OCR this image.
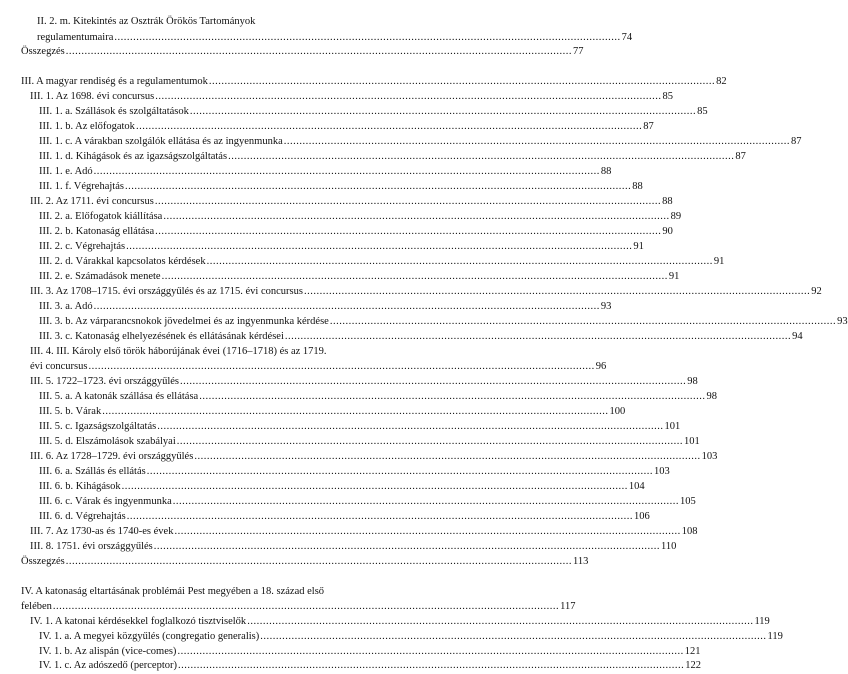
II. 2. m. Kitekintés az Osztrák Örökös Tartományok
regulamentumaira .................................................................................................................................................................. 74
Összegzés .................................................................................................................................................................. 77
III. A magyar rendiség és a regulamentumok .................................................................................................................................................................. 82
III. 1. Az 1698. évi concursus .................................................................................................................................................................. 85
III. 1. a. Szállások és szolgáltatások .................................................................................................................................................................. 85
III. 1. b. Az előfogatok .................................................................................................................................................................. 87
III. 1. c. A várakban szolgálók ellátása és az ingyenmunka .................................................................................................................................................................. 87
III. 1. d. Kihágások és az igazságszolgáltatás .................................................................................................................................................................. 87
III. 1. e. Adó .................................................................................................................................................................. 88
III. 1. f. Végrehajtás .................................................................................................................................................................. 88
III. 2. Az 1711. évi concursus .................................................................................................................................................................. 88
III. 2. a. Előfogatok kiállítása .................................................................................................................................................................. 89
III. 2. b. Katonaság ellátása .................................................................................................................................................................. 90
III. 2. c. Végrehajtás .................................................................................................................................................................. 91
III. 2. d. Várakkal kapcsolatos kérdések .................................................................................................................................................................. 91
III. 2. e. Számadások menete .................................................................................................................................................................. 91
III. 3. Az 1708–1715. évi országgyűlés és az 1715. évi concursus .................................................................................................................................................................. 92
III. 3. a. Adó .................................................................................................................................................................. 93
III. 3. b. Az várparancsnokok jövedelmei és az ingyenmunka kérdése .................................................................................................................................................................. 93
III. 3. c. Katonaság elhelyezésének és ellátásának kérdései .................................................................................................................................................................. 94
III. 4. III. Károly első török háborújának évei (1716–1718) és az 1719.
évi concursus .................................................................................................................................................................. 96
III. 5. 1722–1723. évi országgyűlés .................................................................................................................................................................. 98
III. 5. a. A katonák szállása és ellátása .................................................................................................................................................................. 98
III. 5. b. Várak .................................................................................................................................................................. 100
III. 5. c. Igazságszolgáltatás .................................................................................................................................................................. 101
III. 5. d. Elszámolások szabályai .................................................................................................................................................................. 101
III. 6. Az 1728–1729. évi országgyűlés .................................................................................................................................................................. 103
III. 6. a. Szállás és ellátás .................................................................................................................................................................. 103
III. 6. b. Kihágások .................................................................................................................................................................. 104
III. 6. c. Várak és ingyenmunka .................................................................................................................................................................. 105
III. 6. d. Végrehajtás .................................................................................................................................................................. 106
III. 7. Az 1730-as és 1740-es évek .................................................................................................................................................................. 108
III. 8. 1751. évi országgyűlés .................................................................................................................................................................. 110
Összegzés .................................................................................................................................................................. 113
IV. A katonaság eltartásának problémái Pest megyében a 18. század első
felében .................................................................................................................................................................. 117
IV. 1. A katonai kérdésekkel foglalkozó tisztviselők .................................................................................................................................................................. 119
IV. 1. a. A megyei közgyűlés (congregatio generalis) .................................................................................................................................................................. 119
IV. 1. b. Az alispán (vice-comes) .................................................................................................................................................................. 121
IV. 1. c. Az adószedő (perceptor) .................................................................................................................................................................. 122
